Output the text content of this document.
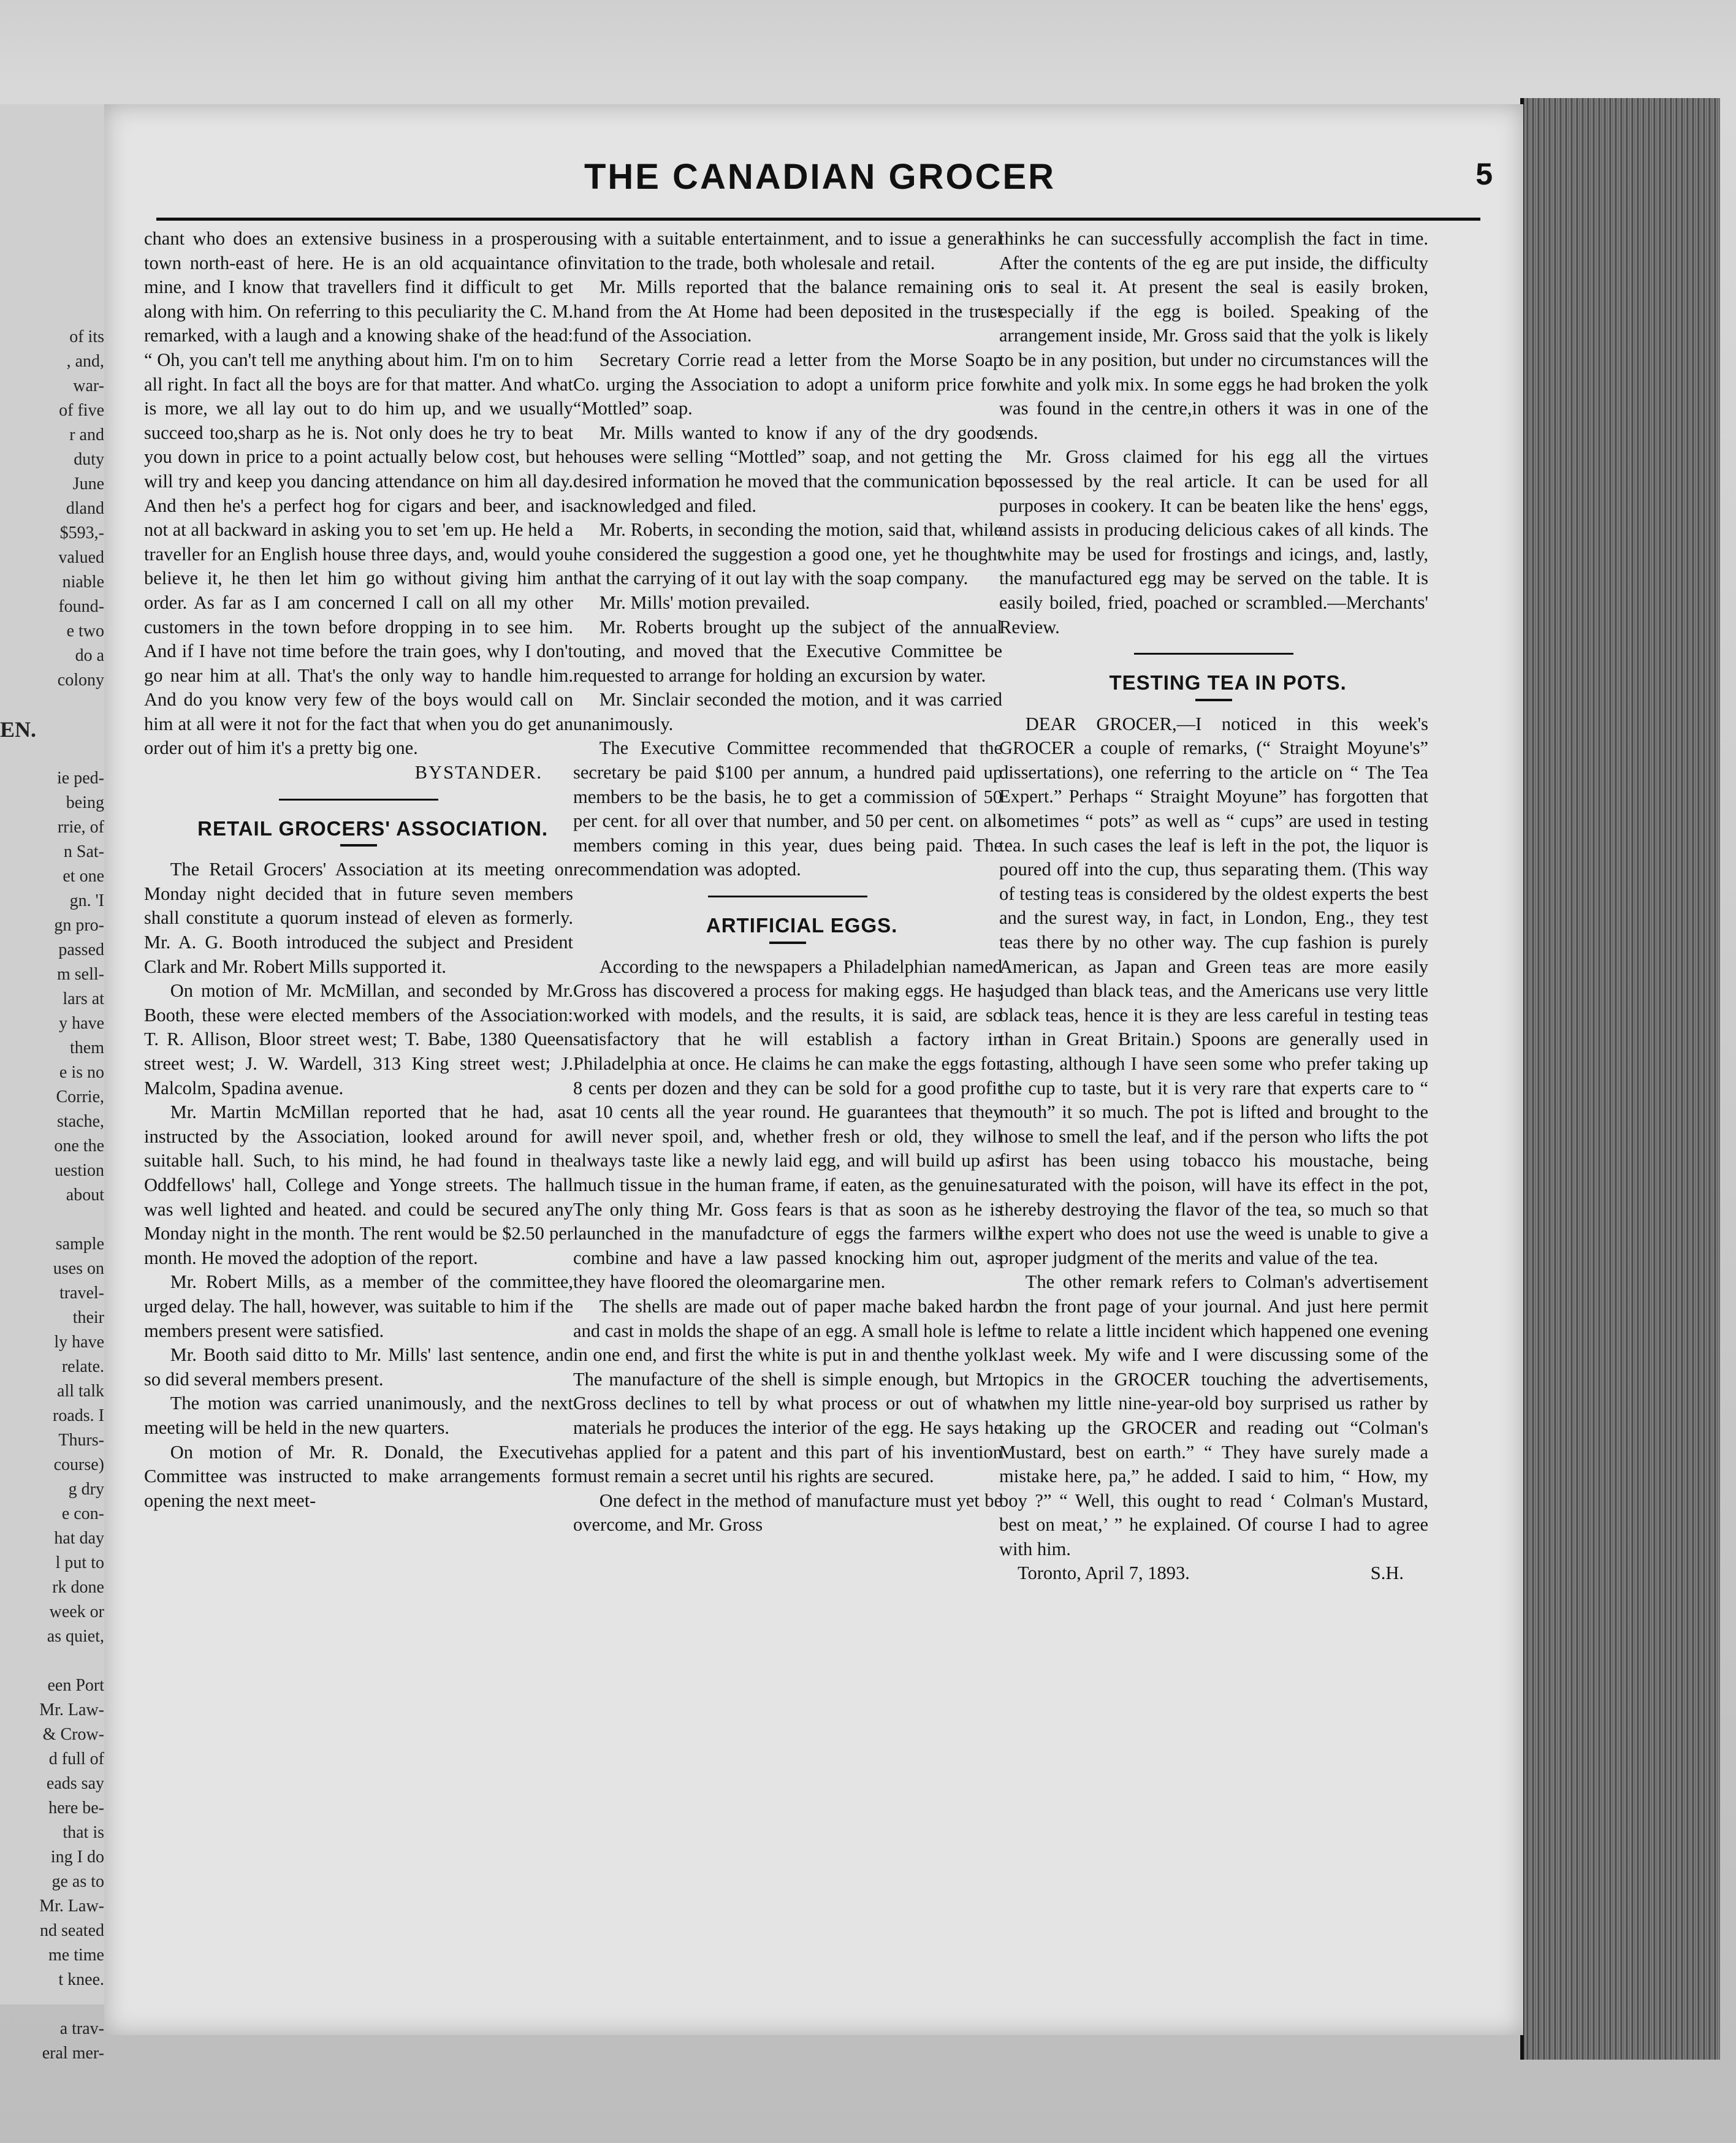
of its
, and,
war-
of five
r and
duty
June
dland
$593,-
valued
niable
found-
e two
do a
colony

EN.

ie ped-
being
rrie, of
n Sat-
et one
gn. 'I
gn pro-
passed
m sell-
lars at
y have
them
e is no
Corrie,
stache,
one the
uestion
about

sample
uses on
travel-
their
ly have
relate.
all talk
roads. I
Thurs-
course)
g dry
e con-
hat day
l put to
rk done
week or
as quiet,

een Port
Mr. Law-
& Crow-
d full of
eads say
here be-
that is
ing I do
ge as to
Mr. Law-
nd seated
me time
t knee.

a trav-
eral mer-
THE CANADIAN GROCER	5

chant who does an extensive business in a prosperous town north-east of here. He is an old acquaintance of mine, and I know that travellers find it difficult to get along with him. On referring to this peculiarity the C. M. remarked, with a laugh and a knowing shake of the head: “ Oh, you can't tell me anything about him. I'm on to him all right. In fact all the boys are for that matter. And what is more, we all lay out to do him up, and we usually succeed too,sharp as he is. Not only does he try to beat you down in price to a point actually below cost, but he will try and keep you dancing attendance on him all day. And then he's a perfect hog for cigars and beer, and is not at all backward in asking you to set 'em up. He held a traveller for an English house three days, and, would you believe it, he then let him go without giving him an order. As far as I am concerned I call on all my other customers in the town before dropping in to see him. And if I have not time before the train goes, why I don't go near him at all. That's the only way to handle him. And do you know very few of the boys would call on him at all were it not for the fact that when you do get an order out of him it's a pretty big one.

BYSTANDER.

RETAIL GROCERS' ASSOCIATION.

The Retail Grocers' Association at its meeting on Monday night decided that in future seven members shall constitute a quorum instead of eleven as formerly. Mr. A. G. Booth introduced the subject and President Clark and Mr. Robert Mills supported it.

On motion of Mr. McMillan, and seconded by Mr. Booth, these were elected members of the Association: T. R. Allison, Bloor street west; T. Babe, 1380 Queen street west; J. W. Wardell, 313 King street west; J. Malcolm, Spadina avenue.

Mr. Martin McMillan reported that he had, as instructed by the Association, looked around for a suitable hall. Such, to his mind, he had found in the Oddfellows' hall, College and Yonge streets. The hall was well lighted and heated. and could be secured any Monday night in the month. The rent would be $2.50 per month. He moved the adoption of the report.

Mr. Robert Mills, as a member of the committee, urged delay. The hall, however, was suitable to him if the members present were satisfied.

Mr. Booth said ditto to Mr. Mills' last sentence, and so did several members present.

The motion was carried unanimously, and the next meeting will be held in the new quarters.

On motion of Mr. R. Donald, the Executive Committee was instructed to make arrangements for opening the next meet-

ing with a suitable entertainment, and to issue a general invitation to the trade, both wholesale and retail.

Mr. Mills reported that the balance remaining on hand from the At Home had been deposited in the trust fund of the Association.

Secretary Corrie read a letter from the Morse Soap Co. urging the Association to adopt a uniform price for “Mottled” soap.

Mr. Mills wanted to know if any of the dry goods houses were selling “Mottled” soap, and not getting the desired information he moved that the communication be acknowledged and filed.

Mr. Roberts, in seconding the motion, said that, while he considered the suggestion a good one, yet he thought that the carrying of it out lay with the soap company.

Mr. Mills' motion prevailed.

Mr. Roberts brought up the subject of the annual outing, and moved that the Executive Committee be requested to arrange for holding an excursion by water.

Mr. Sinclair seconded the motion, and it was carried unanimously.

The Executive Committee recommended that the secretary be paid $100 per annum, a hundred paid up members to be the basis, he to get a commission of 50 per cent. for all over that number, and 50 per cent. on all members coming in this year, dues being paid. The recommendation was adopted.

ARTIFICIAL EGGS.

According to the newspapers a Philadelphian named Gross has discovered a process for making eggs. He has worked with models, and the results, it is said, are so satisfactory that he will establish a factory in Philadelphia at once. He claims he can make the eggs for 8 cents per dozen and they can be sold for a good profit at 10 cents all the year round. He guarantees that they will never spoil, and, whether fresh or old, they will always taste like a newly laid egg, and will build up as much tissue in the human frame, if eaten, as the genuine. The only thing Mr. Goss fears is that as soon as he is launched in the manufadcture of eggs the farmers will combine and have a law passed knocking him out, as they have floored the oleomargarine men.

The shells are made out of paper mache baked hard and cast in molds the shape of an egg. A small hole is left in one end, and first the white is put in and thenthe yolk. The manufacture of the shell is simple enough, but Mr. Gross declines to tell by what process or out of what materials he produces the interior of the egg. He says he has applied for a patent and this part of his invention must remain a secret until his rights are secured.

One defect in the method of manufacture must yet be overcome, and Mr. Gross

thinks he can successfully accomplish the fact in time. After the contents of the eg are put inside, the difficulty is to seal it. At present the seal is easily broken, especially if the egg is boiled. Speaking of the arrangement inside, Mr. Gross said that the yolk is likely to be in any position, but under no circumstances will the white and yolk mix. In some eggs he had broken the yolk was found in the centre,in others it was in one of the ends.

Mr. Gross claimed for his egg all the virtues possessed by the real article. It can be used for all purposes in cookery. It can be beaten like the hens' eggs, and assists in producing delicious cakes of all kinds. The white may be used for frostings and icings, and, lastly, the manufactured egg may be served on the table. It is easily boiled, fried, poached or scrambled.—Merchants' Review.

TESTING TEA IN POTS.

DEAR GROCER,—I noticed in this week's GROCER a couple of remarks, (“ Straight Moyune's” dissertations), one referring to the article on “ The Tea Expert.” Perhaps “ Straight Moyune” has forgotten that sometimes “ pots” as well as “ cups” are used in testing tea. In such cases the leaf is left in the pot, the liquor is poured off into the cup, thus separating them. (This way of testing teas is considered by the oldest experts the best and the surest way, in fact, in London, Eng., they test teas there by no other way. The cup fashion is purely American, as Japan and Green teas are more easily judged than black teas, and the Americans use very little black teas, hence it is they are less careful in testing teas than in Great Britain.) Spoons are generally used in tasting, although I have seen some who prefer taking up the cup to taste, but it is very rare that experts care to “ mouth” it so much. The pot is lifted and brought to the nose to smell the leaf, and if the person who lifts the pot first has been using tobacco his moustache, being saturated with the poison, will have its effect in the pot, thereby destroying the flavor of the tea, so much so that the expert who does not use the weed is unable to give a proper judgment of the merits and value of the tea.

The other remark refers to Colman's advertisement on the front page of your journal. And just here permit me to relate a little incident which happened one evening last week. My wife and I were discussing some of the topics in the GROCER touching the advertisements, when my little nine-year-old boy surprised us rather by taking up the GROCER and reading out “Colman's Mustard, best on earth.” “ They have surely made a mistake here, pa,” he added. I said to him, “ How, my boy ?” “ Well, this ought to read ‘ Colman's Mustard, best on meat,’ ” he explained. Of course I had to agree with him.

Toronto, April 7, 1893.	S.H.
